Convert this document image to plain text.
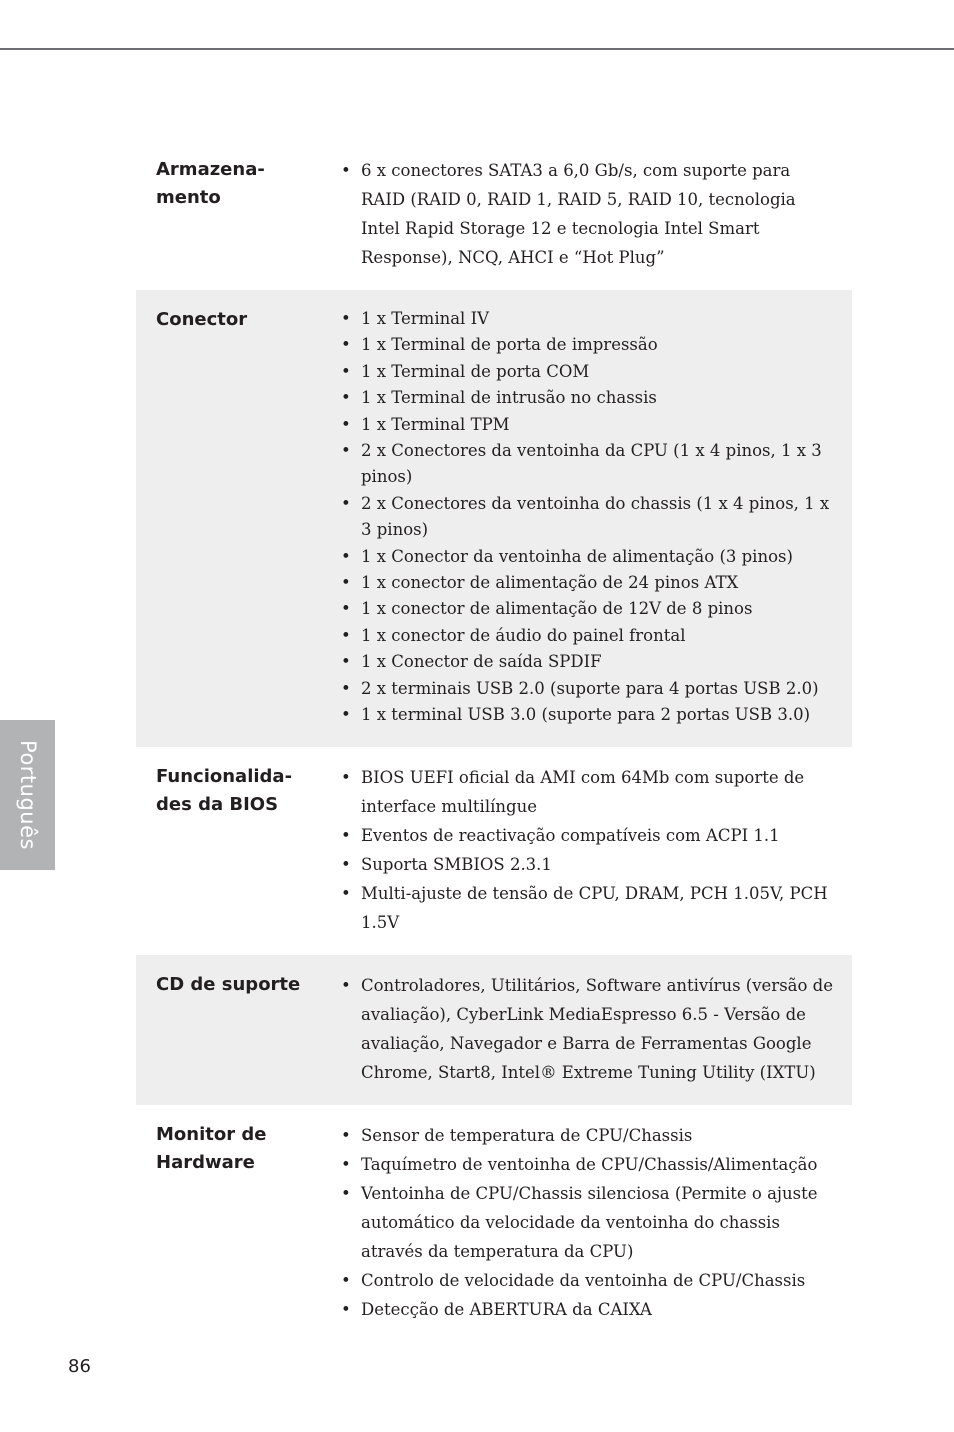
Português
Armazena-
mento
• 6 x conectores SATA3 a 6,0 Gb/s, com suporte para RAID (RAID 0, RAID 1, RAID 5, RAID 10, tecnologia Intel Rapid Storage 12 e tecnologia Intel Smart Response), NCQ, AHCI e “Hot Plug”
Conector	• 1 x Terminal IV
• 1 x Terminal de porta de impressão
• 1 x Terminal de porta COM
• 1 x Terminal de intrusão no chassis
• 1 x Terminal TPM
• 2 x Conectores da ventoinha da CPU (1 x 4 pinos, 1 x 3 pinos)
• 2 x Conectores da ventoinha do chassis (1 x 4 pinos, 1 x 3 pinos)
• 1 x Conector da ventoinha de alimentação (3 pinos)
• 1 x conector de alimentação de 24 pinos ATX
• 1 x conector de alimentação de 12V de 8 pinos
• 1 x conector de áudio do painel frontal
• 1 x Conector de saída SPDIF
• 2 x terminais USB 2.0 (suporte para 4 portas USB 2.0)
• 1 x terminal USB 3.0 (suporte para 2 portas USB 3.0)
Funcionalida-
des da BIOS
• BIOS UEFI oficial da AMI com 64Mb com suporte de interface multilíngue
• Eventos de reactivação compatíveis com ACPI 1.1
• Suporta SMBIOS 2.3.1
• Multi-ajuste de tensão de CPU, DRAM, PCH 1.05V, PCH 1.5V
CD de suporte	• Controladores, Utilitários, Software antivírus (versão de avaliação), CyberLink MediaEspresso 6.5 - Versão de avaliação, Navegador e Barra de Ferramentas Google Chrome, Start8, Intel® Extreme Tuning Utility (IXTU)
Monitor de
Hardware
• Sensor de temperatura de CPU/Chassis
• Taquímetro de ventoinha de CPU/Chassis/Alimentação
• Ventoinha de CPU/Chassis silenciosa (Permite o ajuste automático da velocidade da ventoinha do chassis através da temperatura da CPU)
• Controlo de velocidade da ventoinha de CPU/Chassis
• Detecção de ABERTURA da CAIXA
86
